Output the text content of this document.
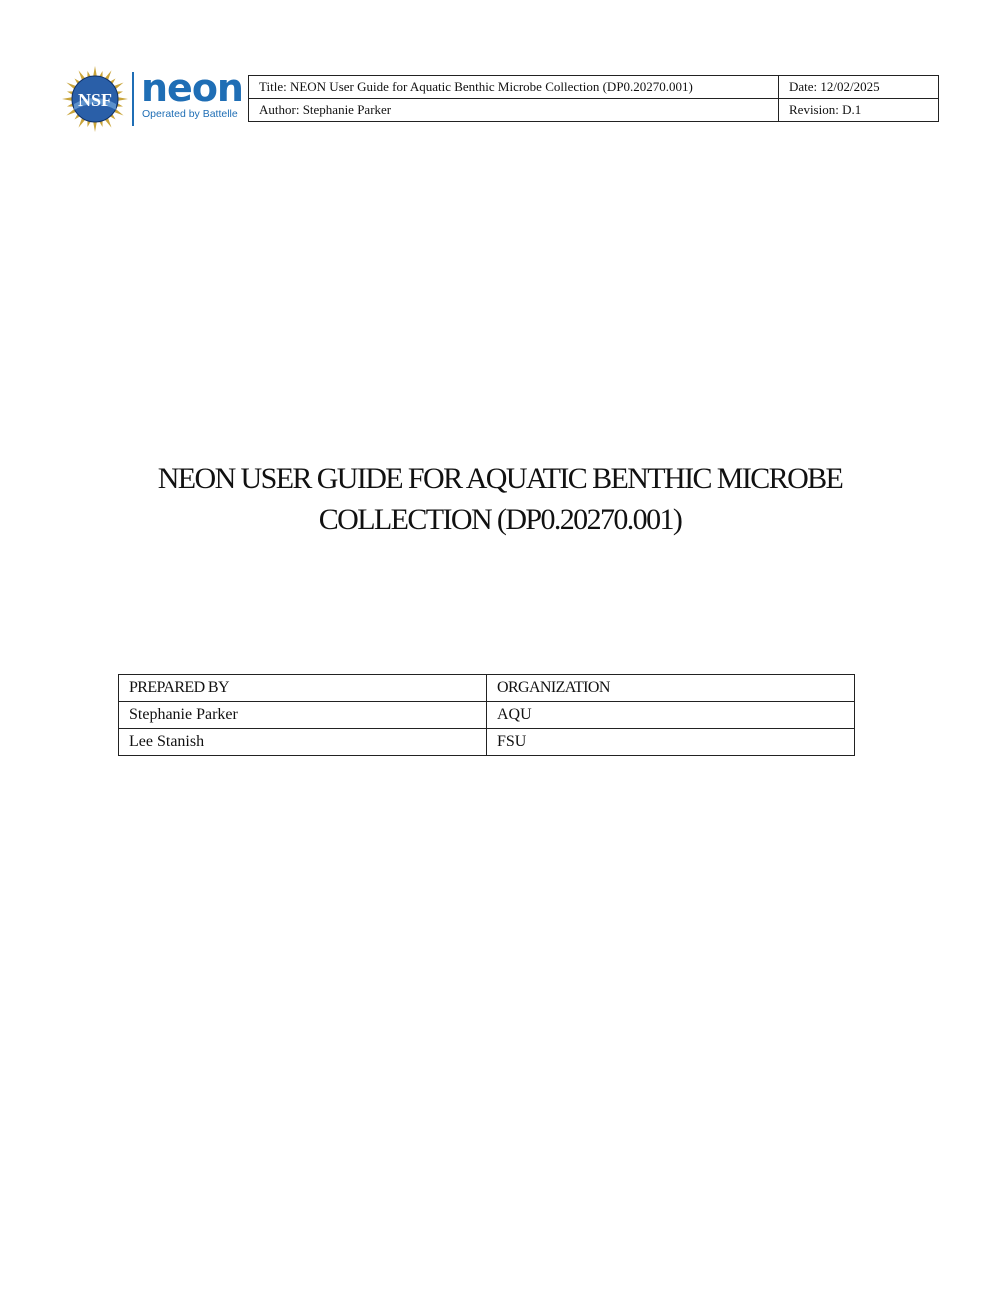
NSF neon
Operated by Battelle
Title: NEON User Guide for Aquatic Benthic Microbe Collection (DP0.20270.001)	Date: 12/02/2025
Author: Stephanie Parker	Revision: D.1
NEON USER GUIDE FOR AQUATIC BENTHIC MICROBE
COLLECTION (DP0.20270.001)
PREPARED BY	ORGANIZATION
Stephanie Parker	AQU
Lee Stanish	FSU
